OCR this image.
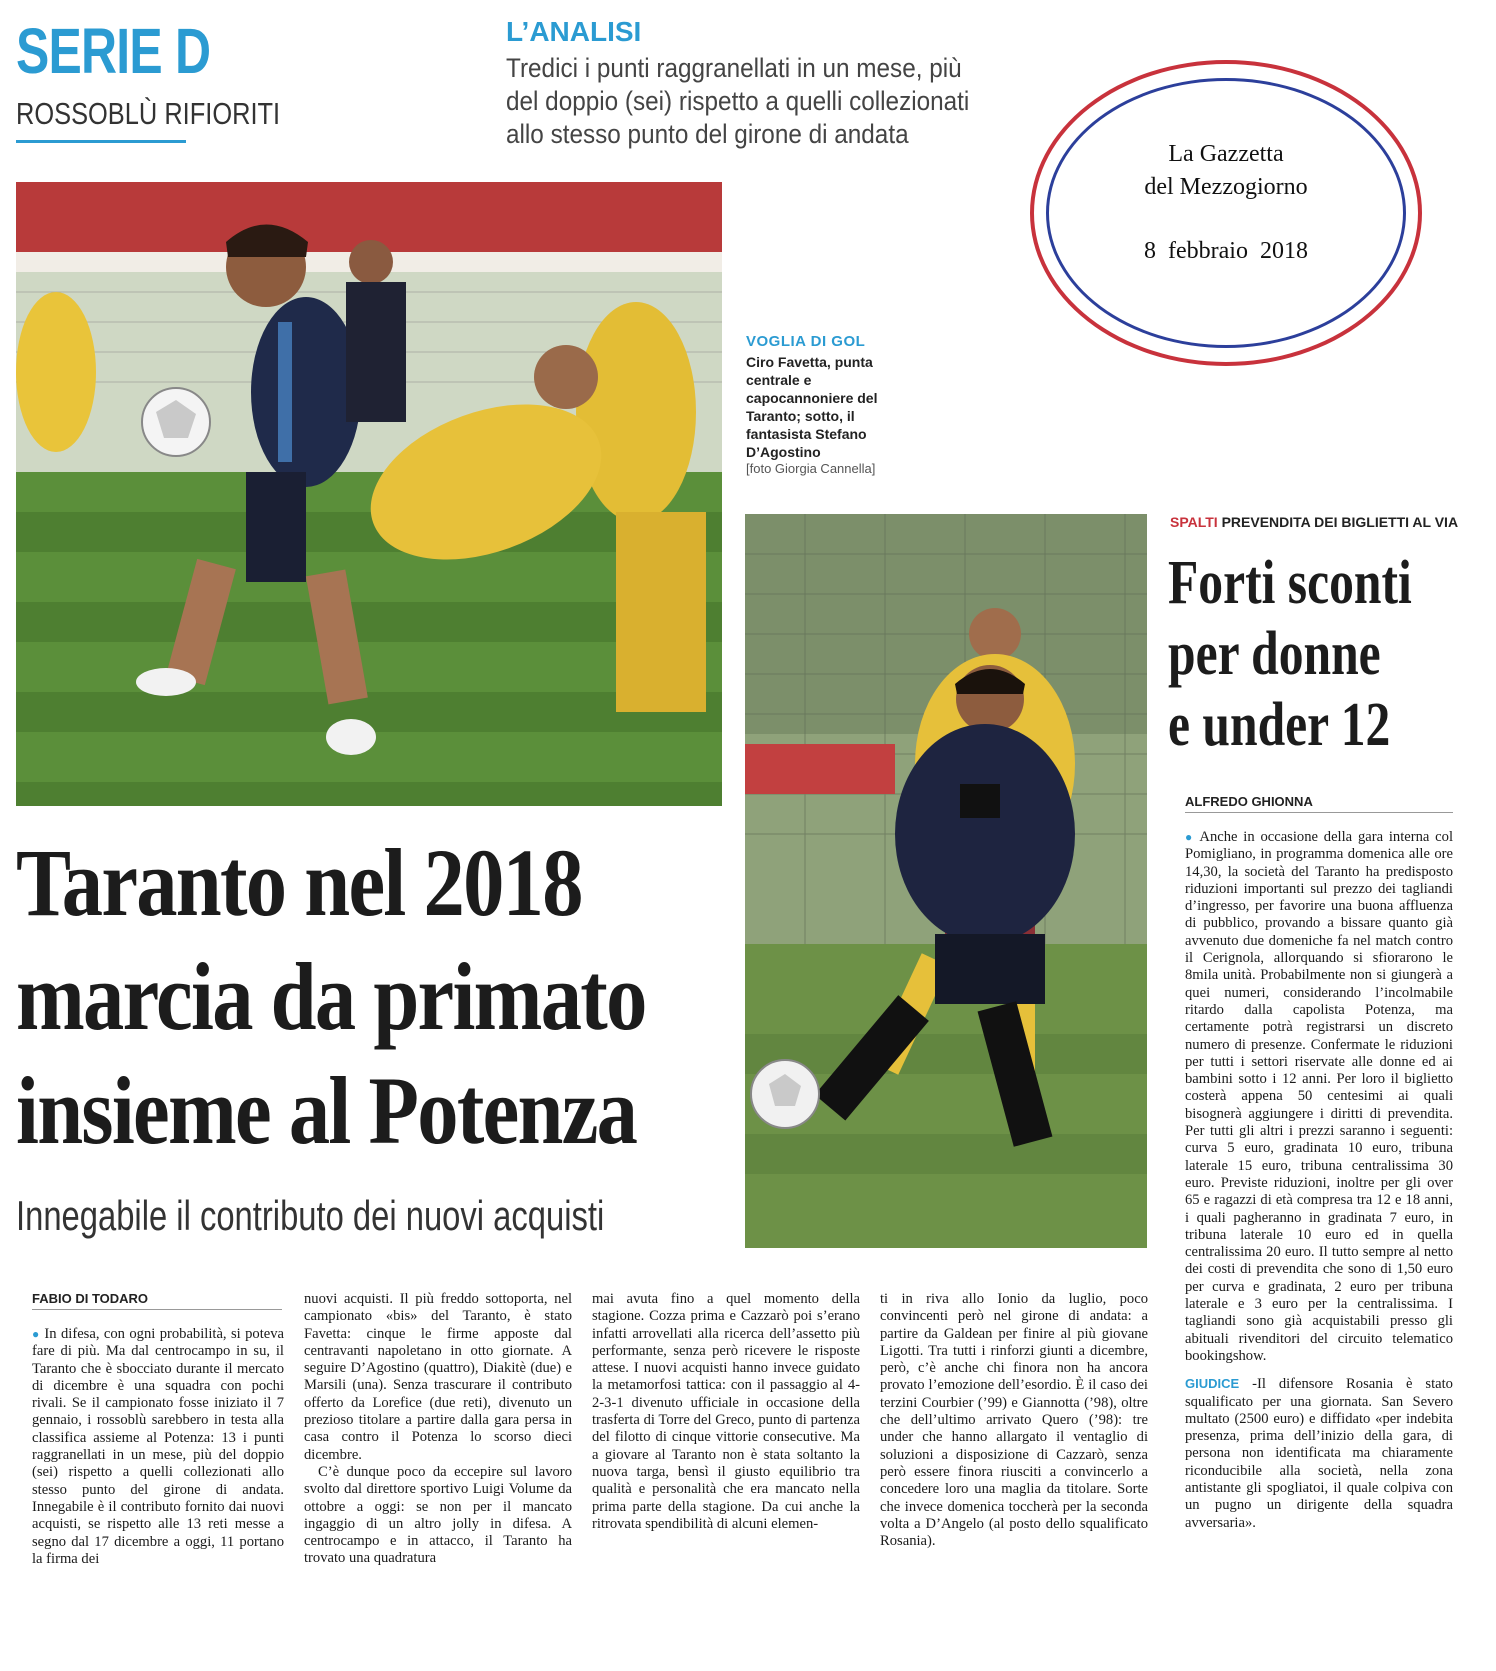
SERIE D
ROSSOBLÙ RIFIORITI
L’ANALISI
Tredici i punti raggranellati in un mese, più del doppio (sei) rispetto a quelli collezionati allo stesso punto del girone di andata
La Gazzetta
del Mezzogiorno
8 febbraio 2018
VOGLIA DI GOL
Ciro Favetta, punta centrale e capocannoniere del Taranto; sotto, il fantasista Stefano D’Agostino
[foto Giorgia Cannella]
Taranto nel 2018
marcia da primato
insieme al Potenza
Innegabile il contributo dei nuovi acquisti
FABIO DI TODARO

● In difesa, con ogni probabilità, si poteva fare di più. Ma dal centrocampo in su, il Taranto che è sbocciato durante il mercato di dicembre è una squadra con pochi rivali. Se il campionato fosse iniziato il 7 gennaio, i rossoblù sarebbero in testa alla classifica assieme al Potenza: 13 i punti raggranellati in un mese, più del doppio (sei) rispetto a quelli collezionati allo stesso punto del girone di andata. Innegabile è il contributo fornito dai nuovi acquisti, se rispetto alle 13 reti messe a segno dal 17 dicembre a oggi, 11 portano la firma dei

nuovi acquisti. Il più freddo sottoporta, nel campionato «bis» del Taranto, è stato Favetta: cinque le firme apposte dal centravanti napoletano in otto giornate. A seguire D’Agostino (quattro), Diakitè (due) e Marsili (una). Senza trascurare il contributo offerto da Lorefice (due reti), divenuto un prezioso titolare a partire dalla gara persa in casa contro il Potenza lo scorso dieci dicembre.

C’è dunque poco da eccepire sul lavoro svolto dal direttore sportivo Luigi Volume da ottobre a oggi: se non per il mancato ingaggio di un altro jolly in difesa. A centrocampo e in attacco, il Taranto ha trovato una quadratura

mai avuta fino a quel momento della stagione. Cozza prima e Cazzarò poi s’erano infatti arrovellati alla ricerca dell’assetto più performante, senza però ricevere le risposte attese. I nuovi acquisti hanno invece guidato la metamorfosi tattica: con il passaggio al 4-2-3-1 divenuto ufficiale in occasione della trasferta di Torre del Greco, punto di partenza del filotto di cinque vittorie consecutive. Ma a giovare al Taranto non è stata soltanto la nuova targa, bensì il giusto equilibrio tra qualità e personalità che era mancato nella prima parte della stagione. Da cui anche la ritrovata spendibilità di alcuni elemen-

ti in riva allo Ionio da luglio, poco convincenti però nel girone di andata: a partire da Galdean per finire al più giovane Ligotti. Tra tutti i rinforzi giunti a dicembre, però, c’è anche chi finora non ha ancora provato l’emozione dell’esordio. È il caso dei terzini Courbier (’99) e Giannotta (’98), oltre che dell’ultimo arrivato Quero (’98): tre under che hanno allargato il ventaglio di soluzioni a disposizione di Cazzarò, senza però essere finora riusciti a convincerlo a concedere loro una maglia da titolare. Sorte che invece domenica toccherà per la seconda volta a D’Angelo (al posto dello squalificato Rosania).

SPALTI PREVENDITA DEI BIGLIETTI AL VIA
Forti sconti
per donne
e under 12
ALFREDO GHIONNA

● Anche in occasione della gara interna col Pomigliano, in programma domenica alle ore 14,30, la società del Taranto ha predisposto riduzioni importanti sul prezzo dei tagliandi d’ingresso, per favorire una buona affluenza di pubblico, provando a bissare quanto già avvenuto due domeniche fa nel match contro il Cerignola, allorquando si sfiorarono le 8mila unità. Probabilmente non si giungerà a quei numeri, considerando l’incolmabile ritardo dalla capolista Potenza, ma certamente potrà registrarsi un discreto numero di presenze. Confermate le riduzioni per tutti i settori riservate alle donne ed ai bambini sotto i 12 anni. Per loro il biglietto costerà appena 50 centesimi ai quali bisognerà aggiungere i diritti di prevendita. Per tutti gli altri i prezzi saranno i seguenti: curva 5 euro, gradinata 10 euro, tribuna laterale 15 euro, tribuna centralissima 30 euro. Previste riduzioni, inoltre per gli over 65 e ragazzi di età compresa tra 12 e 18 anni, i quali pagheranno in gradinata 7 euro, in tribuna laterale 10 euro ed in quella centralissima 20 euro. Il tutto sempre al netto dei costi di prevendita che sono di 1,50 euro per curva e gradinata, 2 euro per tribuna laterale e 3 euro per la centralissima. I tagliandi sono già acquistabili presso gli abituali rivenditori del circuito telematico bookingshow.

GIUDICE -Il difensore Rosania è stato squalificato per una giornata. San Severo multato (2500 euro) e diffidato «per indebita presenza, prima dell’inizio della gara, di persona non identificata ma chiaramente riconducibile alla società, nella zona antistante gli spogliatoi, il quale colpiva con un pugno un dirigente della squadra avversaria».
